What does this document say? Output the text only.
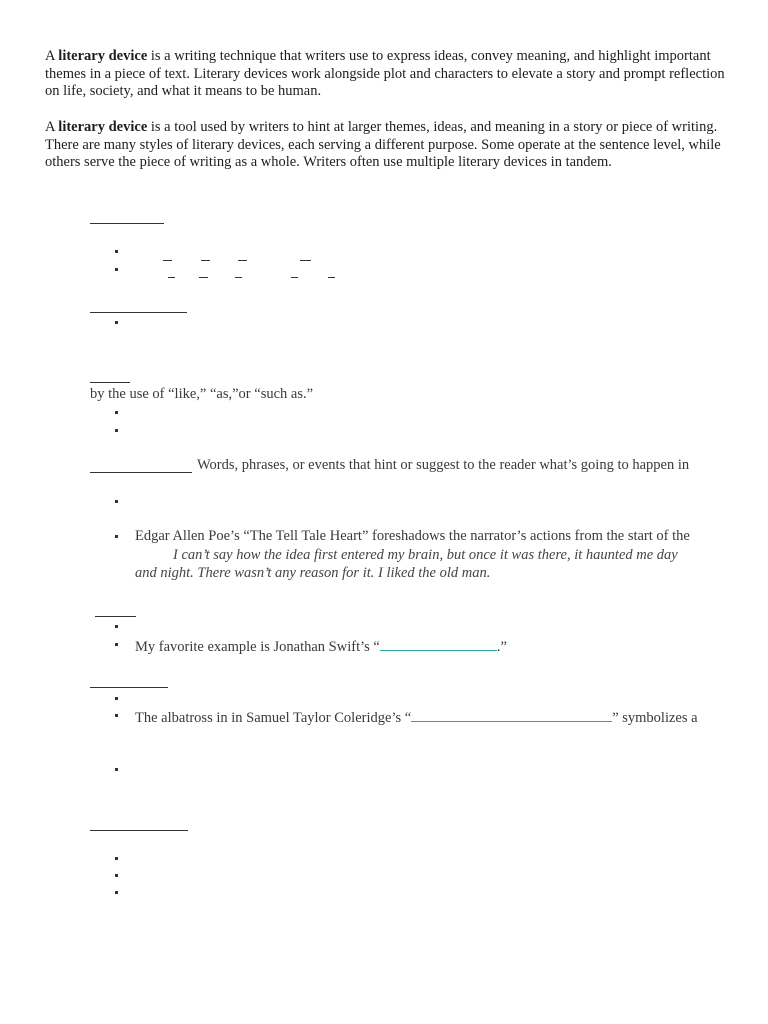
A literary device is a writing technique that writers use to express ideas, convey meaning, and highlight important themes in a piece of text. Literary devices work alongside plot and characters to elevate a story and prompt reflection on life, society, and what it means to be human.
A literary device is a tool used by writers to hint at larger themes, ideas, and meaning in a story or piece of writing. There are many styles of literary devices, each serving a different purpose. Some operate at the sentence level, while others serve the piece of writing as a whole. Writers often use multiple literary devices in tandem.
by the use of “like,” “as,”or “such as.”
Words, phrases, or events that hint or suggest to the reader what’s going to happen in
Edgar Allen Poe’s “The Tell Tale Heart” foreshadows the narrator’s actions from the start of the
I can’t say how the idea first entered my brain, but once it was there, it haunted me day
and night. There wasn’t any reason for it. I liked the old man.
My favorite example is Jonathan Swift’s “	.”
The albatross in in Samuel Taylor Coleridge’s “	” symbolizes a
